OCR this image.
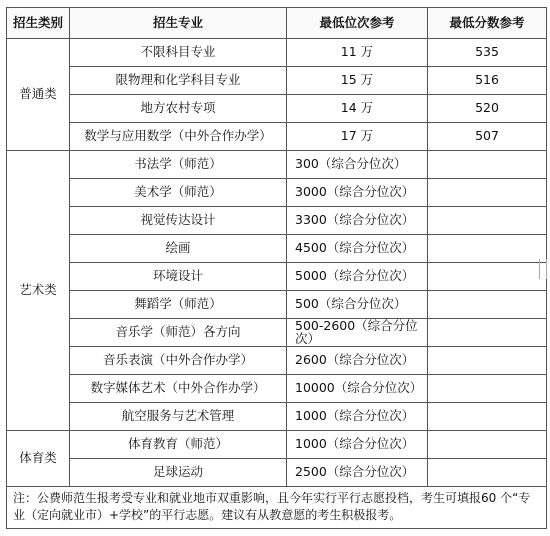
招生类别	招生专业	最低位次参考	最低分数参考
普通类	不限科目专业	11 万	535
	限物理和化学科目专业	15 万	516
	地方农村专项	14 万	520
	数学与应用数学（中外合作办学）	17 万	507
艺术类	书法学（师范）	300（综合分位次）	
	美术学（师范）	3000（综合分位次）	
	视觉传达设计	3300（综合分位次）	
	绘画	4500（综合分位次）	
	环境设计	5000（综合分位次）	
	舞蹈学（师范）	500（综合分位次）	
	音乐学（师范）各方向	500-2600（综合分位次）	
	音乐表演（中外合作办学）	2600（综合分位次）	
	数字媒体艺术（中外合作办学）	10000（综合分位次）	
	航空服务与艺术管理	1000（综合分位次）	
体育类	体育教育（师范）	1000（综合分位次）	
	足球运动	2500（综合分位次）	
注：公费师范生报考受专业和就业地市双重影响，且今年实行平行志愿投档，考生可填报60 个“专业（定向就业市）+学校”的平行志愿。建议有从教意愿的考生积极报考。			
